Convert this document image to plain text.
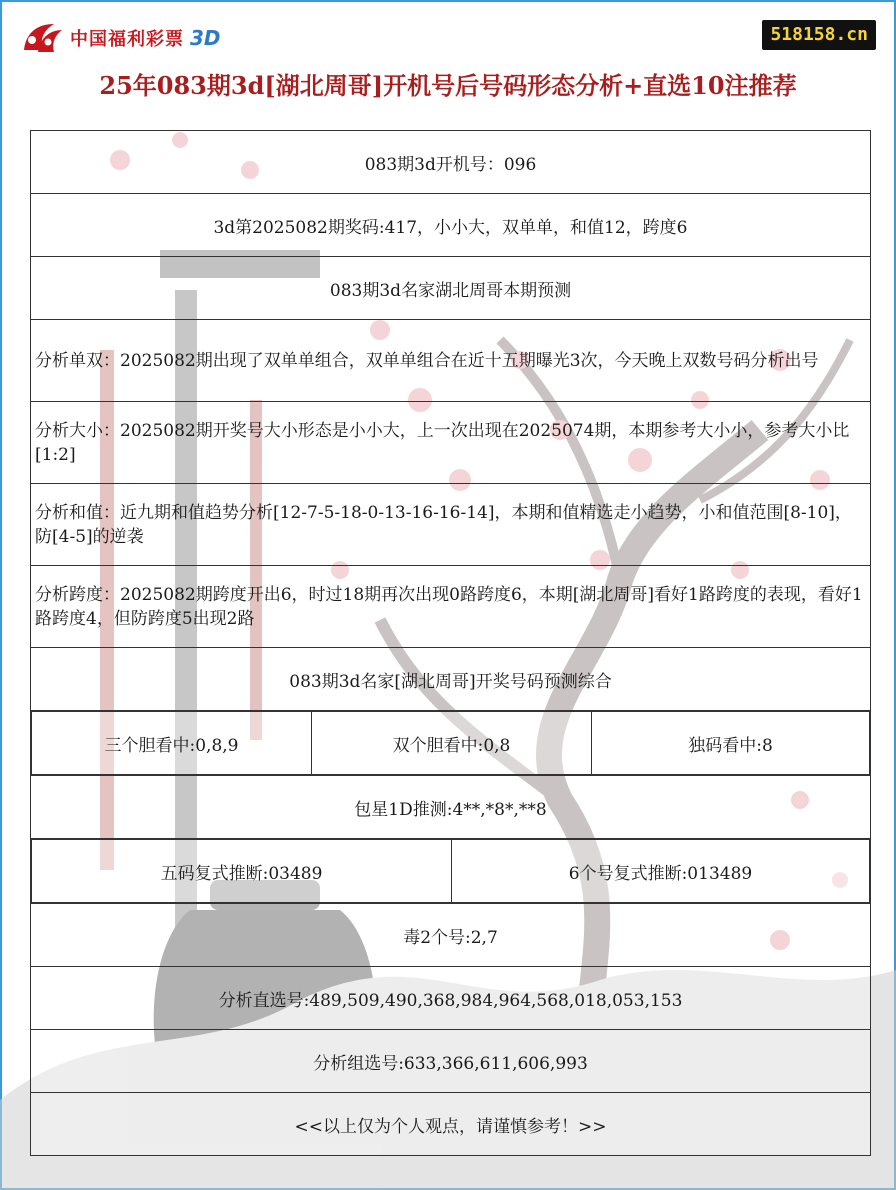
中国福利彩票 3D	518158.cn
25年083期3d[湖北周哥]开机号后号码形态分析+直选10注推荐
083期3d开机号：096
3d第2025082期奖码:417，小小大，双单单，和值12，跨度6
083期3d名家湖北周哥本期预测
分析单双：2025082期出现了双单单组合，双单单组合在近十五期曝光3次，今天晚上双数号码分析出号
分析大小：2025082期开奖号大小形态是小小大，上一次出现在2025074期，本期参考大小小，参考大小比[1:2]
分析和值：近九期和值趋势分析[12-7-5-18-0-13-16-16-14]，本期和值精选走小趋势，小和值范围[8-10]，防[4-5]的逆袭
分析跨度：2025082期跨度开出6，时过18期再次出现0路跨度6，本期[湖北周哥]看好1路跨度的表现，看好1路跨度4，但防跨度5出现2路
083期3d名家[湖北周哥]开奖号码预测综合

三个胆看中:0,8,9	双个胆看中:0,8	独码看中:8

包星1D推测:4**,*8*,**8

五码复式推断:03489	6个号复式推断:013489

毒2个号:2,7
分析直选号:489,509,490,368,984,964,568,018,053,153
分析组选号:633,366,611,606,993
<<以上仅为个人观点，请谨慎参考！>>
